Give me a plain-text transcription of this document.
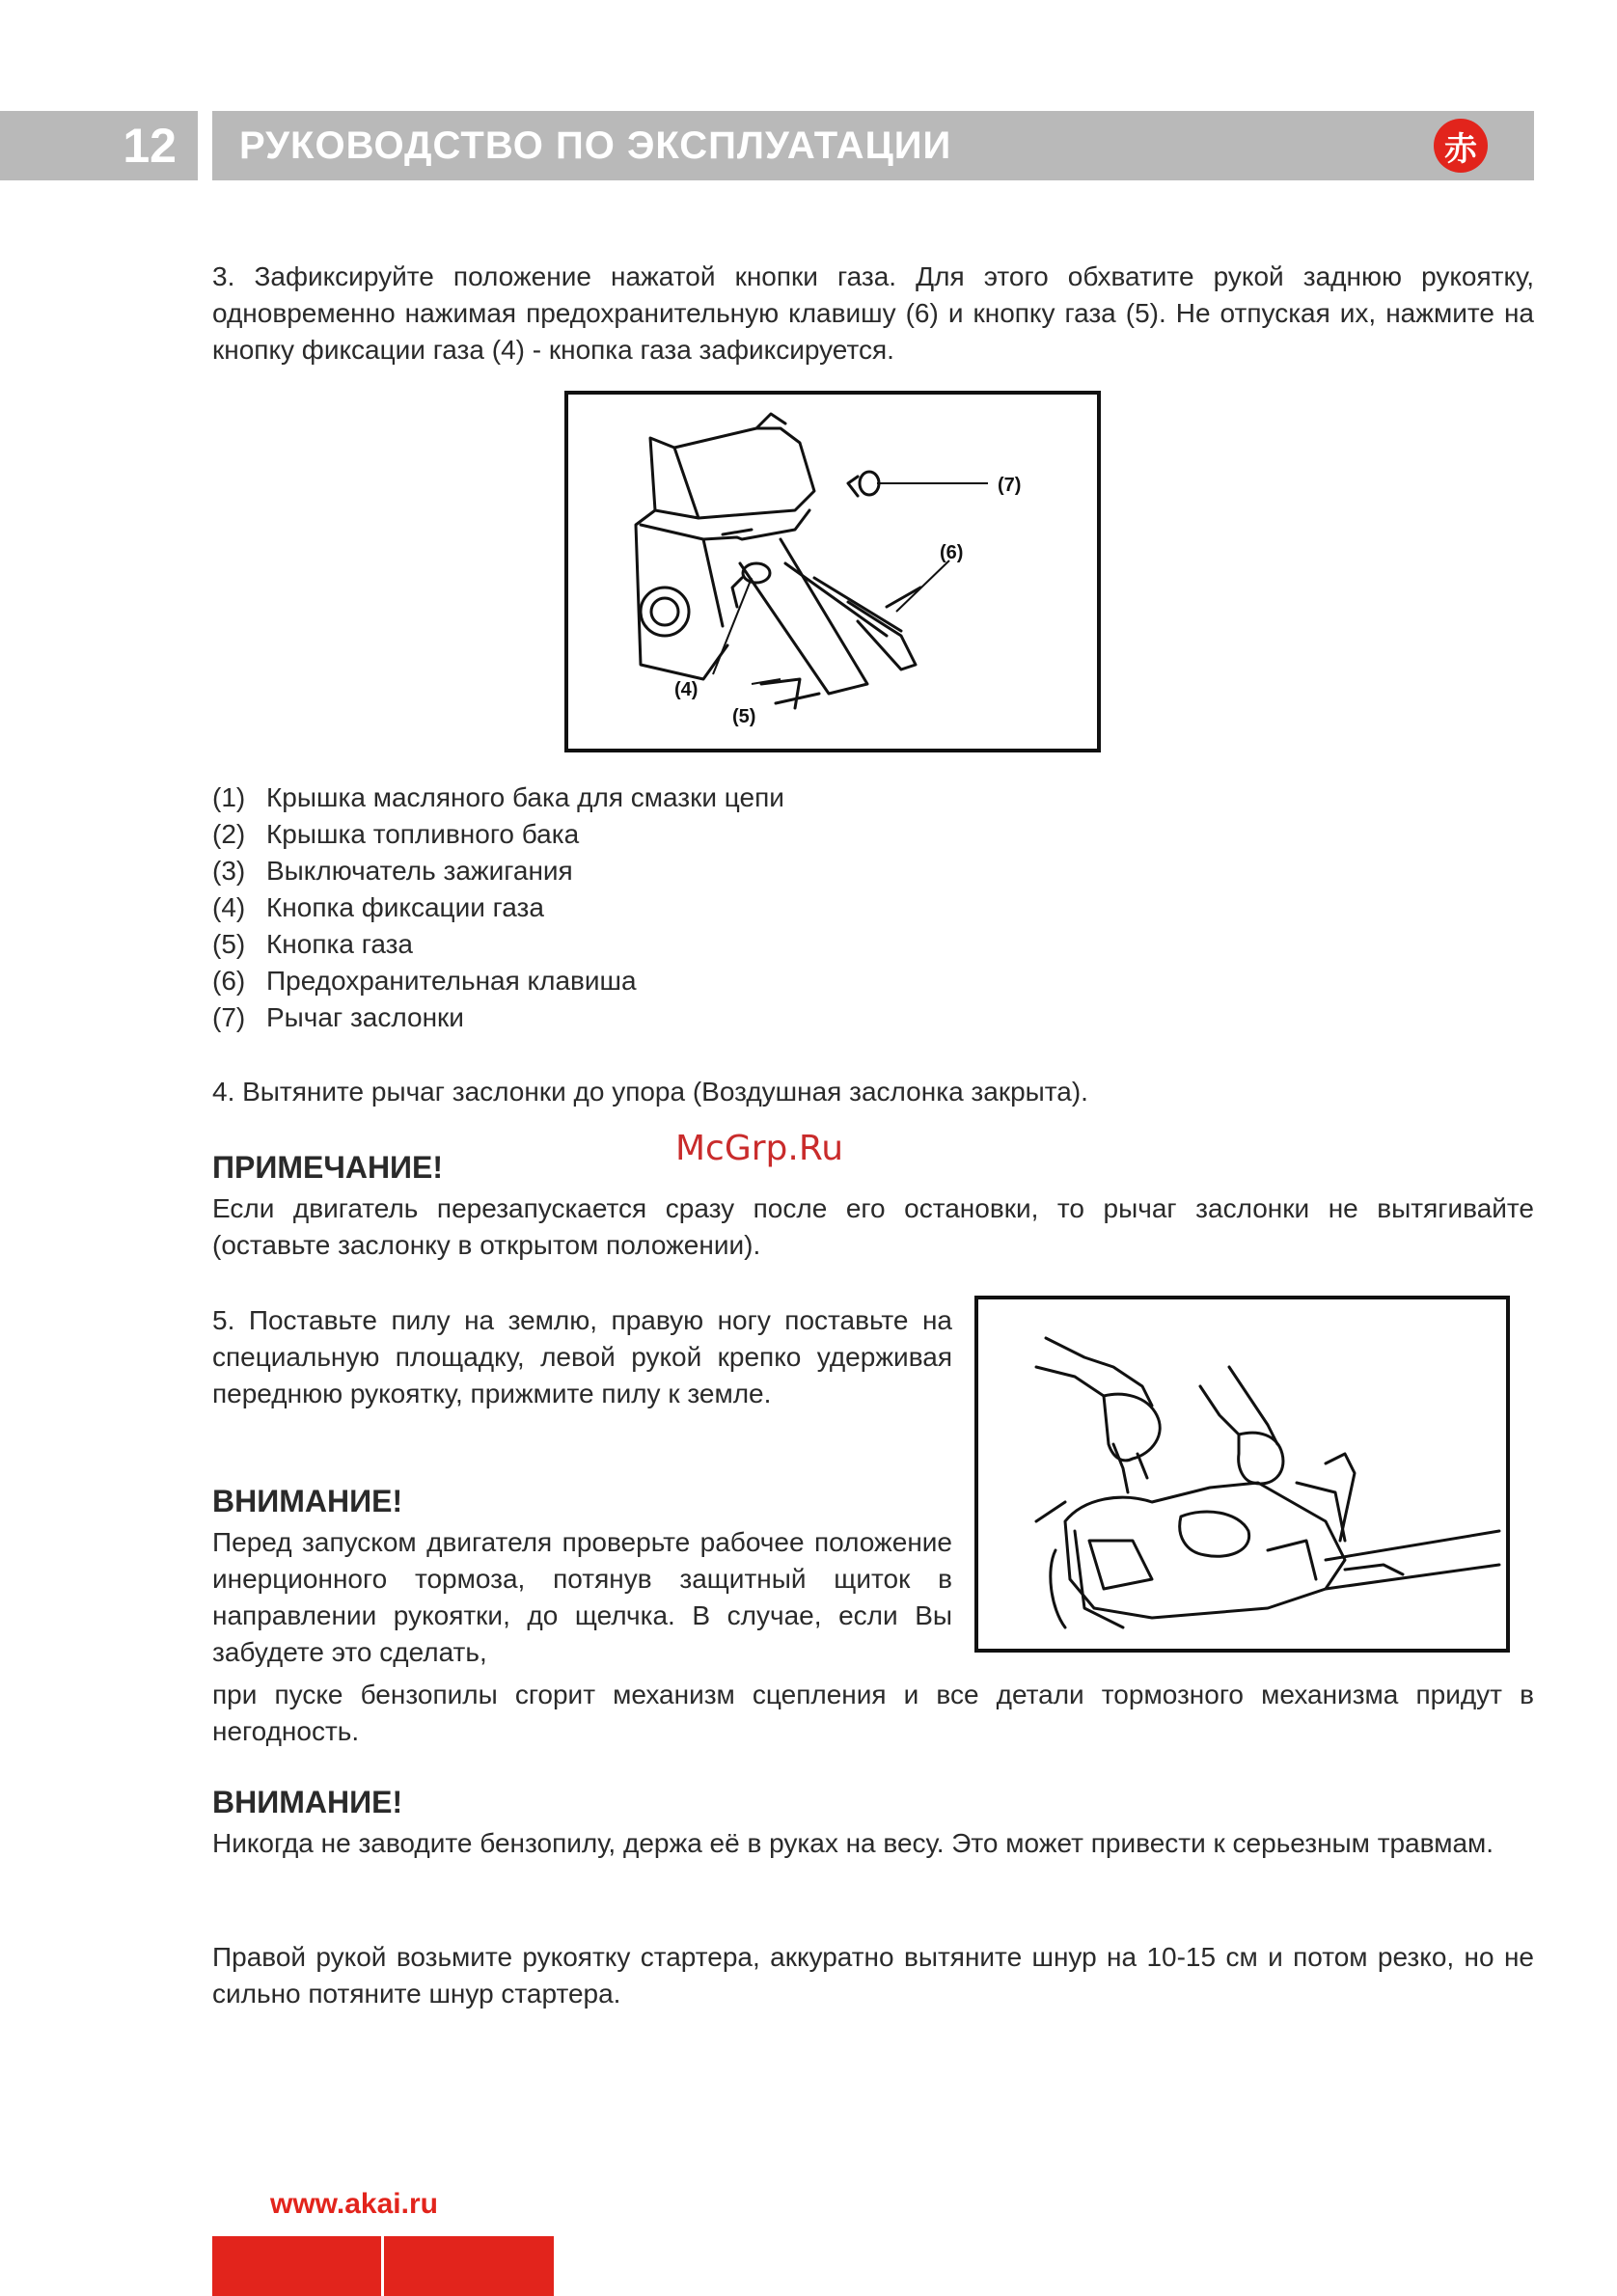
12	РУКОВОДСТВО ПО ЭКСПЛУАТАЦИИ	赤

3. Зафиксируйте положение нажатой кнопки газа. Для этого обхватите рукой заднюю рукоятку, одновременно нажимая предохранительную клавишу (6) и кнопку газа (5). Не отпуская их, нажмите на кнопку фиксации газа (4) - кнопка газа зафиксируется.

(7)
(6)
(4)
(5)
(1) Крышка масляного бака для смазки цепи
(2) Крышка топливного бака
(3) Выключатель зажигания
(4) Кнопка фиксации газа
(5) Кнопка газа
(6) Предохранительная клавиша
(7) Рычаг заслонки

4. Вытяните рычаг заслонки до упора (Воздушная заслонка закрыта).

McGrp.Ru
ПРИМЕЧАНИЕ!

Если двигатель перезапускается сразу после его остановки, то рычаг заслонки не вытягивайте (оставьте заслонку в открытом положении).

5. Поставьте пилу на землю, правую ногу поставьте на специальную площадку, левой рукой крепко удерживая переднюю рукоятку, прижмите пилу к земле.

ВНИМАНИЕ!

Перед запуском двигателя проверьте рабочее положение инерционного тормоза, потянув защитный щиток в направлении рукоятки, до щелчка. В случае, если Вы забудете это сделать,

при пуске бензопилы сгорит механизм сцепления и все детали тормозного механизма придут в негодность.

ВНИМАНИЕ!

Никогда не заводите бензопилу, держа её в руках на весу. Это может привести к серьезным травмам.

Правой рукой возьмите рукоятку стартера, аккуратно вытяните шнур на 10-15 см и потом резко, но не сильно потяните шнур стартера.

www.akai.ru
